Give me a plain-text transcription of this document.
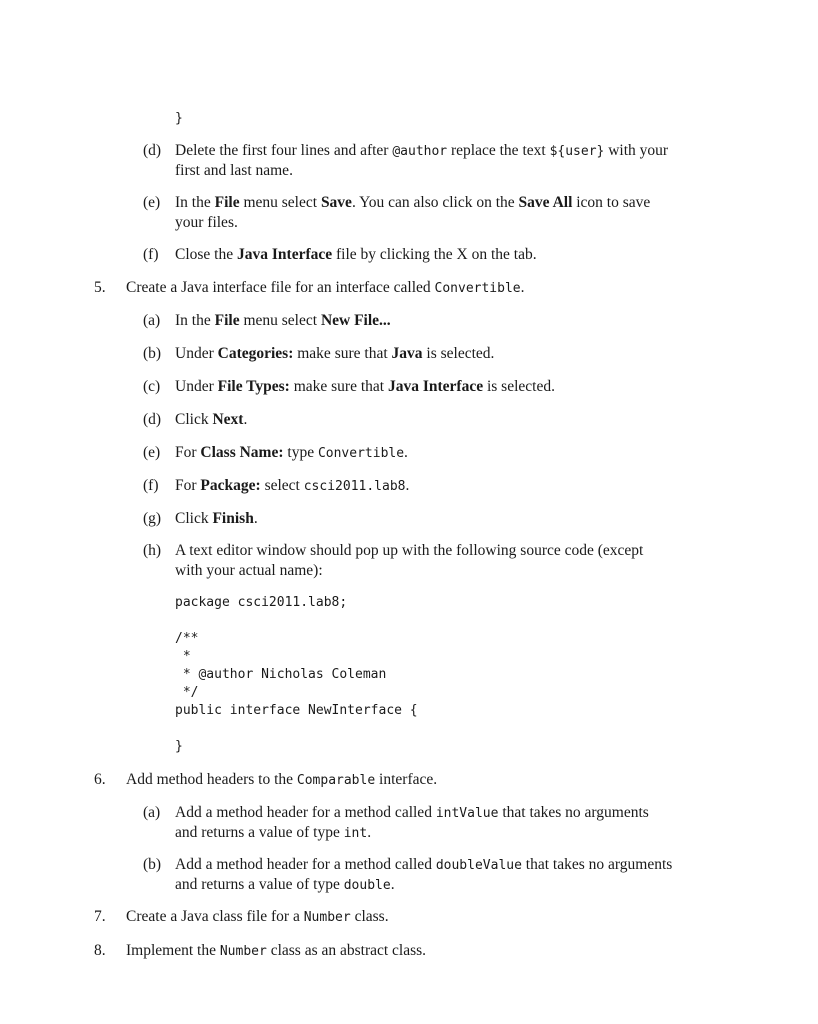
}
(d) Delete the first four lines and after @author replace the text ${user} with your
first and last name.
(e) In the File menu select Save. You can also click on the Save All icon to save
your files.
(f) Close the Java Interface file by clicking the X on the tab.
5. Create a Java interface file for an interface called Convertible.
(a) In the File menu select New File...
(b) Under Categories: make sure that Java is selected.
(c) Under File Types: make sure that Java Interface is selected.
(d) Click Next.
(e) For Class Name: type Convertible.
(f) For Package: select csci2011.lab8.
(g) Click Finish.
(h) A text editor window should pop up with the following source code (except
with your actual name):
package csci2011.lab8;
/**
*
* @author Nicholas Coleman
*/
public interface NewInterface {
}
6. Add method headers to the Comparable interface.
(a) Add a method header for a method called intValue that takes no arguments
and returns a value of type int.
(b) Add a method header for a method called doubleValue that takes no arguments
and returns a value of type double.
7. Create a Java class file for a Number class.
8. Implement the Number class as an abstract class.
